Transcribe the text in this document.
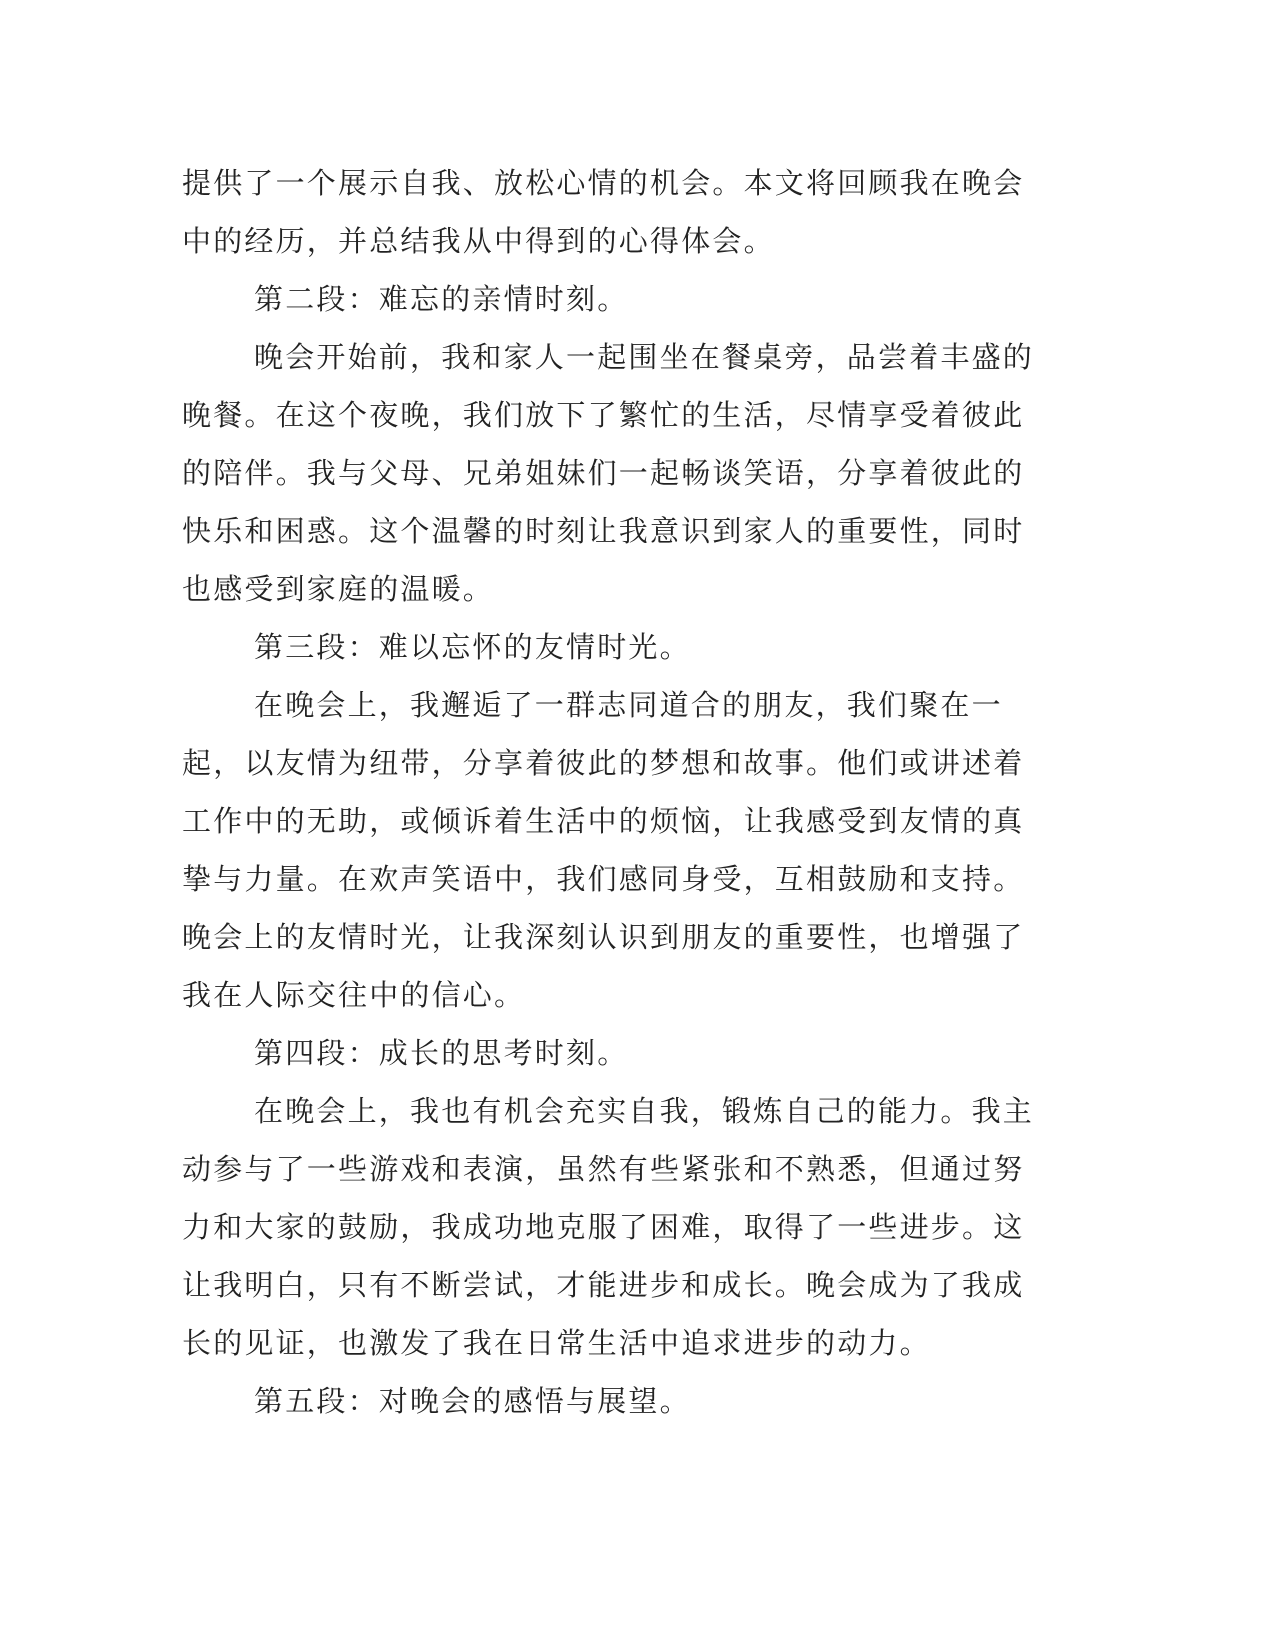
提供了一个展示自我、放松心情的机会。本文将回顾我在晚会中的经历，并总结我从中得到的心得体会。

第二段：难忘的亲情时刻。

晚会开始前，我和家人一起围坐在餐桌旁，品尝着丰盛的晚餐。在这个夜晚，我们放下了繁忙的生活，尽情享受着彼此的陪伴。我与父母、兄弟姐妹们一起畅谈笑语，分享着彼此的快乐和困惑。这个温馨的时刻让我意识到家人的重要性，同时也感受到家庭的温暖。

第三段：难以忘怀的友情时光。

在晚会上，我邂逅了一群志同道合的朋友，我们聚在一起，以友情为纽带，分享着彼此的梦想和故事。他们或讲述着工作中的无助，或倾诉着生活中的烦恼，让我感受到友情的真挚与力量。在欢声笑语中，我们感同身受，互相鼓励和支持。晚会上的友情时光，让我深刻认识到朋友的重要性，也增强了我在人际交往中的信心。

第四段：成长的思考时刻。

在晚会上，我也有机会充实自我，锻炼自己的能力。我主动参与了一些游戏和表演，虽然有些紧张和不熟悉，但通过努力和大家的鼓励，我成功地克服了困难，取得了一些进步。这让我明白，只有不断尝试，才能进步和成长。晚会成为了我成长的见证，也激发了我在日常生活中追求进步的动力。

第五段：对晚会的感悟与展望。
